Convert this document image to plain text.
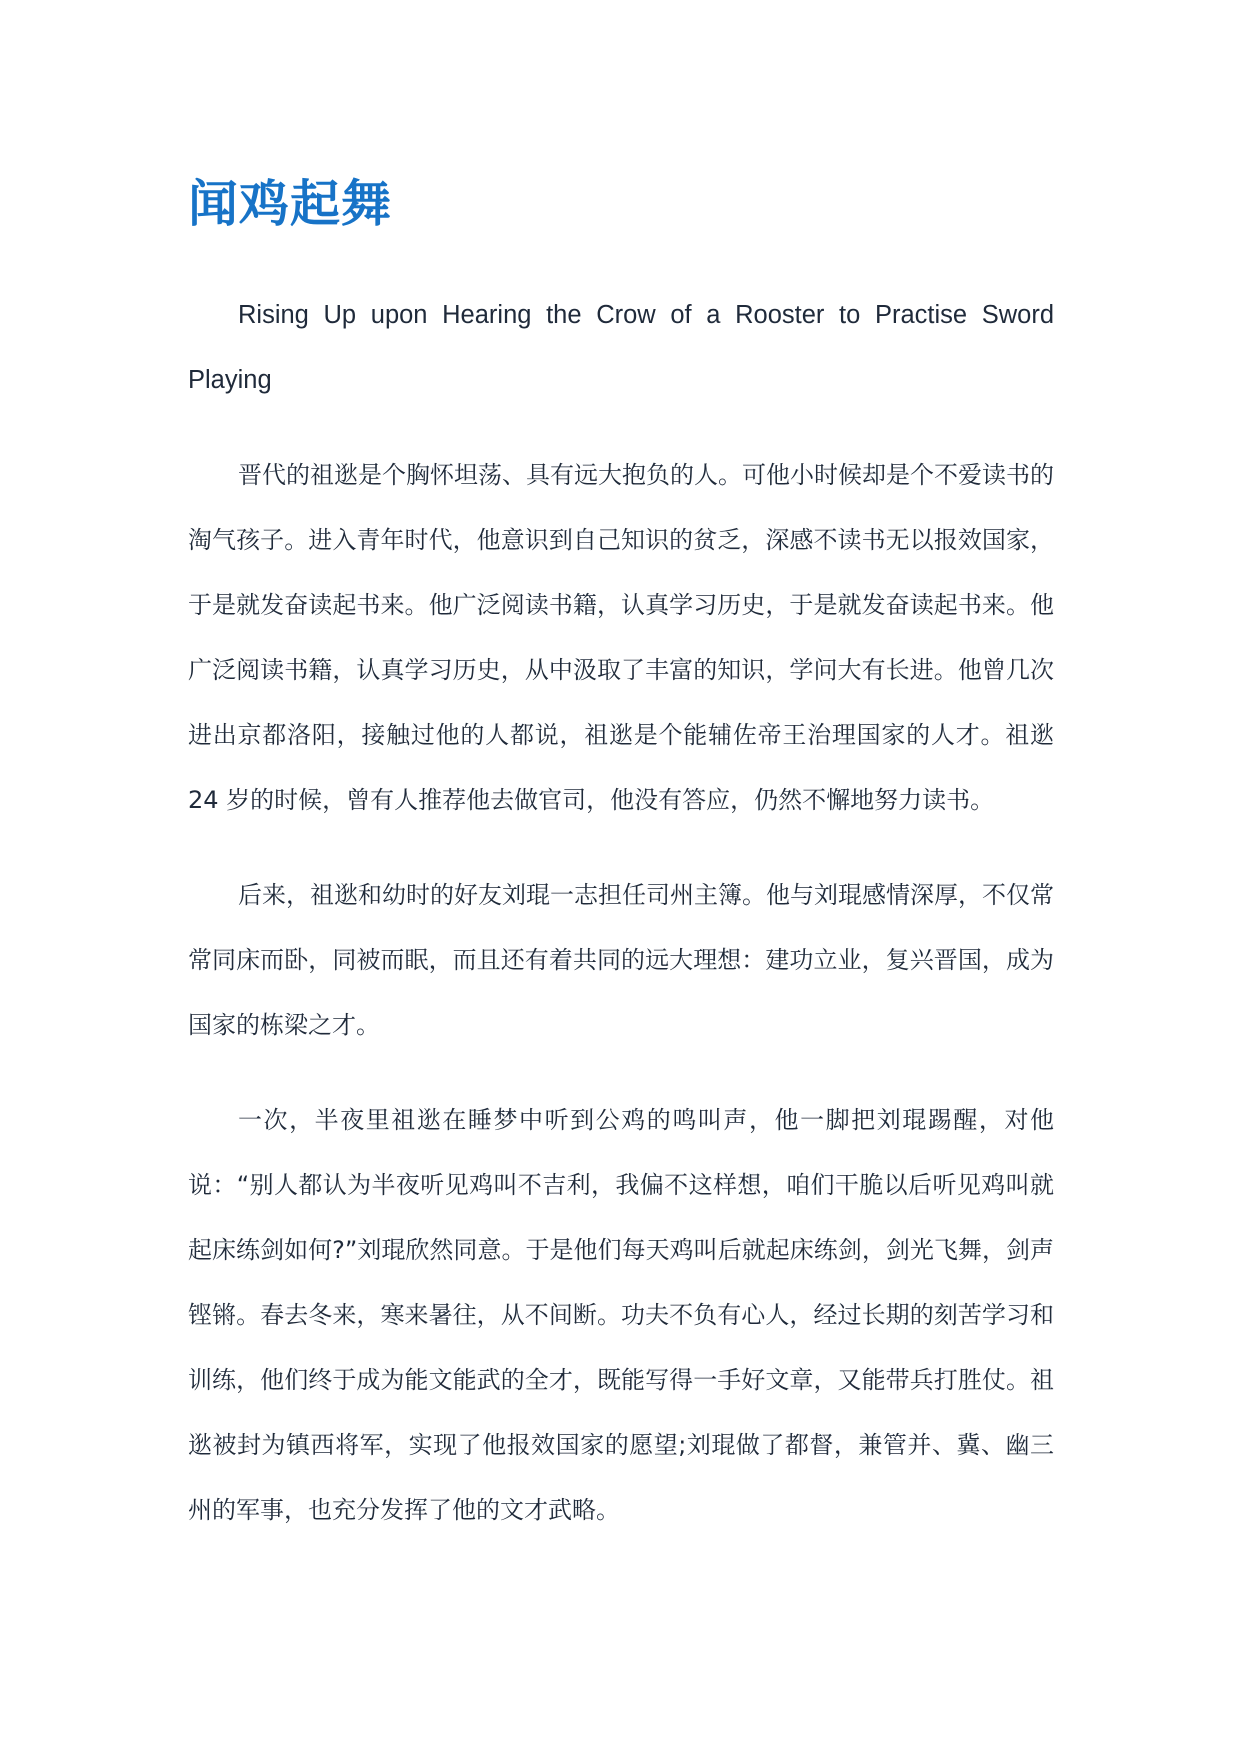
闻鸡起舞

Rising Up upon Hearing the Crow of a Rooster to Practise Sword Playing

晋代的祖逖是个胸怀坦荡、具有远大抱负的人。可他小时候却是个不爱读书的淘气孩子。进入青年时代，他意识到自己知识的贫乏，深感不读书无以报效国家，于是就发奋读起书来。他广泛阅读书籍，认真学习历史，于是就发奋读起书来。他广泛阅读书籍，认真学习历史，从中汲取了丰富的知识，学问大有长进。他曾几次进出京都洛阳，接触过他的人都说，祖逖是个能辅佐帝王治理国家的人才。祖逖 24 岁的时候，曾有人推荐他去做官司，他没有答应，仍然不懈地努力读书。

后来，祖逖和幼时的好友刘琨一志担任司州主簿。他与刘琨感情深厚，不仅常常同床而卧，同被而眠，而且还有着共同的远大理想：建功立业，复兴晋国，成为国家的栋梁之才。

一次，半夜里祖逖在睡梦中听到公鸡的鸣叫声，他一脚把刘琨踢醒，对他说：“别人都认为半夜听见鸡叫不吉利，我偏不这样想，咱们干脆以后听见鸡叫就起床练剑如何?”刘琨欣然同意。于是他们每天鸡叫后就起床练剑，剑光飞舞，剑声铿锵。春去冬来，寒来暑往，从不间断。功夫不负有心人，经过长期的刻苦学习和训练，他们终于成为能文能武的全才，既能写得一手好文章，又能带兵打胜仗。祖逖被封为镇西将军，实现了他报效国家的愿望;刘琨做了都督，兼管并、冀、幽三州的军事，也充分发挥了他的文才武略。
